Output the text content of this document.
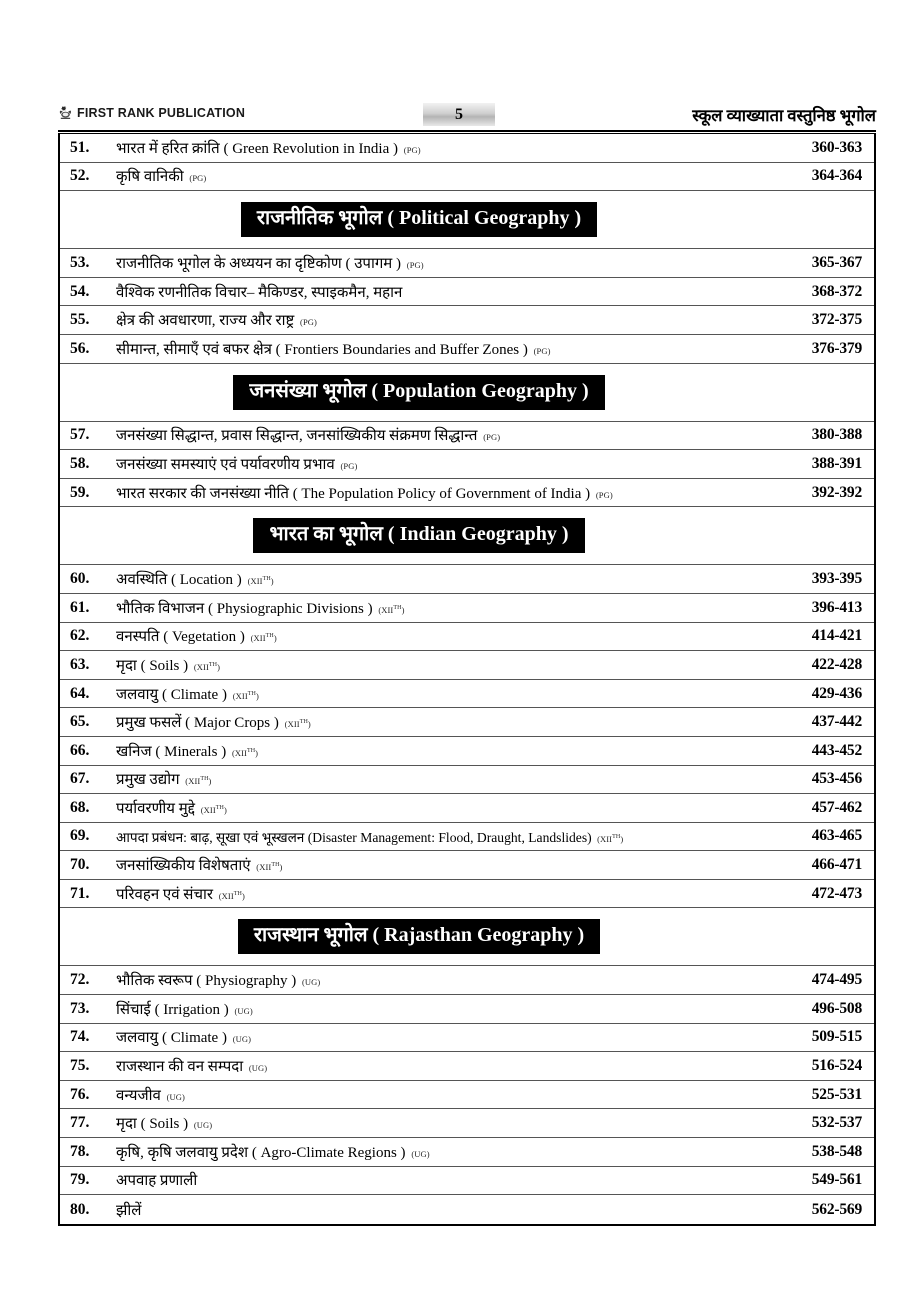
FIRST RANK PUBLICATION	5	स्कूल व्याख्याता वस्तुनिष्ठ भूगोल
51.	भारत में हरित क्रांति ( Green Revolution in India ) (PG)	360-363
52.	कृषि वानिकी (PG)	364-364
राजनीतिक भूगोल ( Political Geography )
53.	राजनीतिक भूगोल के अध्ययन का दृष्टिकोण ( उपागम ) (PG)	365-367
54.	वैश्विक रणनीतिक विचार– मैकिण्डर, स्पाइकमैन, महान	368-372
55.	क्षेत्र की अवधारणा, राज्य और राष्ट्र (PG)	372-375
56.	सीमान्त, सीमाएँ एवं बफर क्षेत्र ( Frontiers Boundaries and Buffer Zones ) (PG)	376-379
जनसंख्या भूगोल ( Population Geography )
57.	जनसंख्या सिद्धान्त, प्रवास सिद्धान्त, जनसांख्यिकीय संक्रमण सिद्धान्त (PG)	380-388
58.	जनसंख्या समस्याएं एवं पर्यावरणीय प्रभाव (PG)	388-391
59.	भारत सरकार की जनसंख्या नीति ( The Population Policy of Government of India ) (PG)	392-392
भारत का भूगोल ( Indian Geography )
60.	अवस्थिति ( Location ) (XIITH)	393-395
61.	भौतिक विभाजन ( Physiographic Divisions ) (XIITH)	396-413
62.	वनस्पति ( Vegetation ) (XIITH)	414-421
63.	मृदा ( Soils ) (XIITH)	422-428
64.	जलवायु ( Climate ) (XIITH)	429-436
65.	प्रमुख फसलें ( Major Crops ) (XIITH)	437-442
66.	खनिज ( Minerals ) (XIITH)	443-452
67.	प्रमुख उद्योग (XIITH)	453-456
68.	पर्यावरणीय मुद्दे (XIITH)	457-462
69.	आपदा प्रबंधन: बाढ़, सूखा एवं भूस्खलन (Disaster Management: Flood, Draught, Landslides) (XIITH)	463-465
70.	जनसांख्यिकीय विशेषताएं (XIITH)	466-471
71.	परिवहन एवं संचार (XIITH)	472-473
राजस्थान भूगोल ( Rajasthan Geography )
72.	भौतिक स्वरूप ( Physiography ) (UG)	474-495
73.	सिंचाई ( Irrigation ) (UG)	496-508
74.	जलवायु ( Climate ) (UG)	509-515
75.	राजस्थान की वन सम्पदा (UG)	516-524
76.	वन्यजीव (UG)	525-531
77.	मृदा ( Soils ) (UG)	532-537
78.	कृषि, कृषि जलवायु प्रदेश ( Agro-Climate Regions ) (UG)	538-548
79.	अपवाह प्रणाली	549-561
80.	झीलें	562-569
